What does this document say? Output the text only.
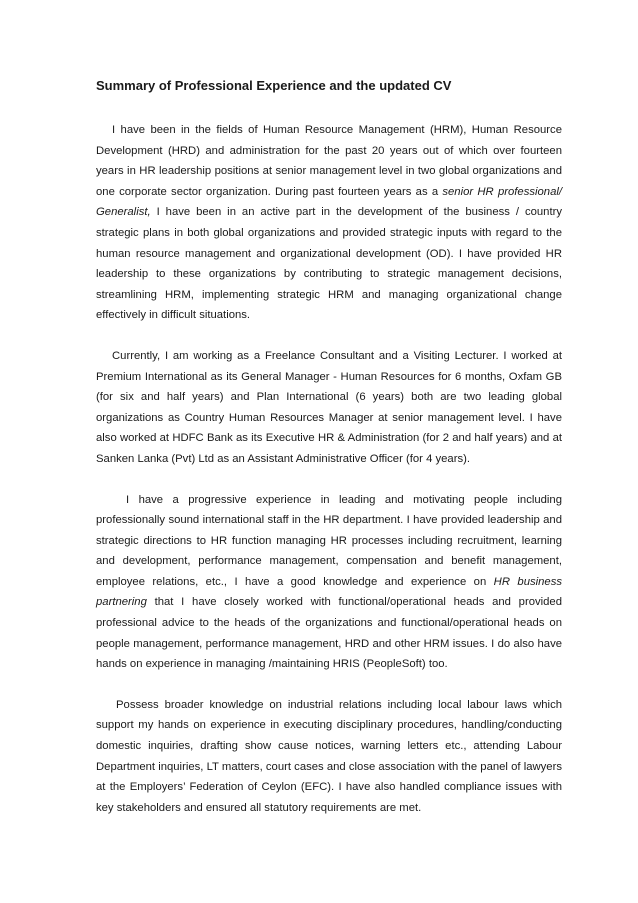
Summary of Professional Experience and the updated CV

I have been in the fields of Human Resource Management (HRM), Human Resource Development (HRD) and administration for the past 20 years out of which over fourteen years in HR leadership positions at senior management level in two global organizations and one corporate sector organization. During past fourteen years as a senior HR professional/ Generalist, I have been in an active part in the development of the business / country strategic plans in both global organizations and provided strategic inputs with regard to the human resource management and organizational development (OD). I have provided HR leadership to these organizations by contributing to strategic management decisions, streamlining HRM, implementing strategic HRM and managing organizational change effectively in difficult situations.

Currently, I am working as a Freelance Consultant and a Visiting Lecturer. I worked at Premium International as its General Manager - Human Resources for 6 months, Oxfam GB (for six and half years) and Plan International (6 years) both are two leading global organizations as Country Human Resources Manager at senior management level. I have also worked at HDFC Bank as its Executive HR & Administration (for 2 and half years) and at Sanken Lanka (Pvt) Ltd as an Assistant Administrative Officer (for 4 years).

I have a progressive experience in leading and motivating people including professionally sound international staff in the HR department. I have provided leadership and strategic directions to HR function managing HR processes including recruitment, learning and development, performance management, compensation and benefit management, employee relations, etc., I have a good knowledge and experience on HR business partnering that I have closely worked with functional/operational heads and provided professional advice to the heads of the organizations and functional/operational heads on people management, performance management, HRD and other HRM issues. I do also have hands on experience in managing /maintaining HRIS (PeopleSoft) too.

Possess broader knowledge on industrial relations including local labour laws which support my hands on experience in executing disciplinary procedures, handling/conducting domestic inquiries, drafting show cause notices, warning letters etc., attending Labour Department inquiries, LT matters, court cases and close association with the panel of lawyers at the Employers’ Federation of Ceylon (EFC). I have also handled compliance issues with key stakeholders and ensured all statutory requirements are met.
